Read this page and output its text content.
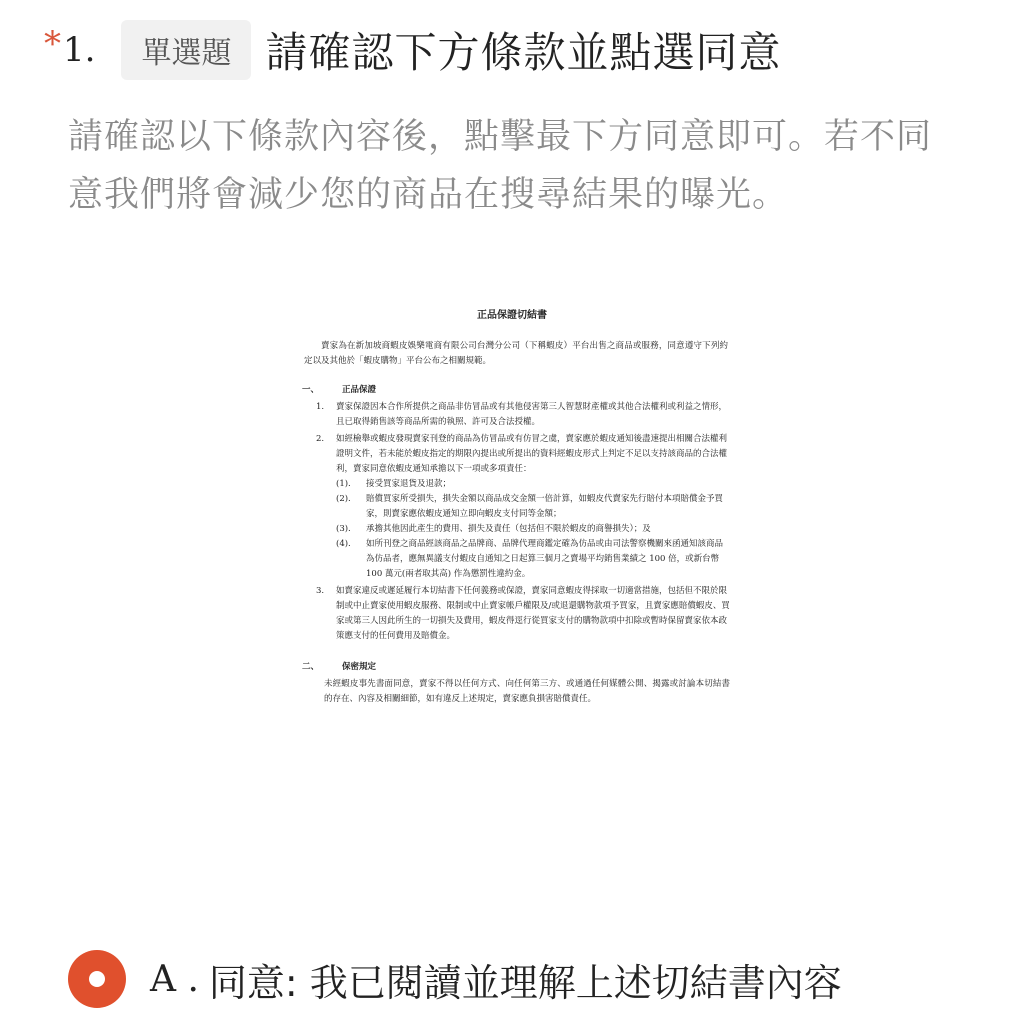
* 1.	單選題 請確認下方條款並點選同意

請確認以下條款內容後，點擊最下方同意即可。若不同意我們將會減少您的商品在搜尋結果的曝光。

正品保證切結書

賣家為在新加坡商蝦皮娛樂電商有限公司台灣分公司（下稱蝦皮）平台出售之商品或服務，同意遵守下列約定以及其他於「蝦皮購物」平台公布之相關規範。

一、	正品保證
1.	賣家保證因本合作所提供之商品非仿冒品或有其他侵害第三人智慧財產權或其他合法權利或利益之情形，且已取得銷售該等商品所需的執照、許可及合法授權。
2.	如經檢舉或蝦皮發現賣家刊登的商品為仿冒品或有仿冒之虞，賣家應於蝦皮通知後盡速提出相關合法權利證明文件，若未能於蝦皮指定的期限內提出或所提出的資料經蝦皮形式上判定不足以支持該商品的合法權利，賣家同意依蝦皮通知承擔以下一項或多項責任：
(1).	接受買家退貨及退款；
(2).	賠償買家所受損失，損失金額以商品成交金額一倍計算，如蝦皮代賣家先行賠付本項賠償金予買家，則賣家應依蝦皮通知立即向蝦皮支付同等金額；
(3).	承擔其他因此產生的費用、損失及責任（包括但不限於蝦皮的商譽損失）；及
(4).	如所刊登之商品經該商品之品牌商、品牌代理商鑑定確為仿品或由司法警察機關來函通知該商品為仿品者，應無異議支付蝦皮自通知之日起算三個月之賣場平均銷售業績之 100 倍，或新台幣 100 萬元(兩者取其高) 作為懲罰性違約金。
3.	如賣家違反或遲延履行本切結書下任何義務或保證，賣家同意蝦皮得採取一切適當措施，包括但不限於限制或中止賣家使用蝦皮服務、限制或中止賣家帳戶權限及/或退還購物款項予買家，且賣家應賠償蝦皮、買家或第三人因此所生的一切損失及費用，蝦皮得逕行從買家支付的購物款項中扣除或暫時保留賣家依本政策應支付的任何費用及賠償金。
二、	保密規定

未經蝦皮事先書面同意，賣家不得以任何方式、向任何第三方、或通過任何媒體公開、揭露或討論本切結書的存在、內容及相關細節，如有違反上述規定，賣家應負損害賠償責任。

A . 同意: 我已閱讀並理解上述切結書內容
